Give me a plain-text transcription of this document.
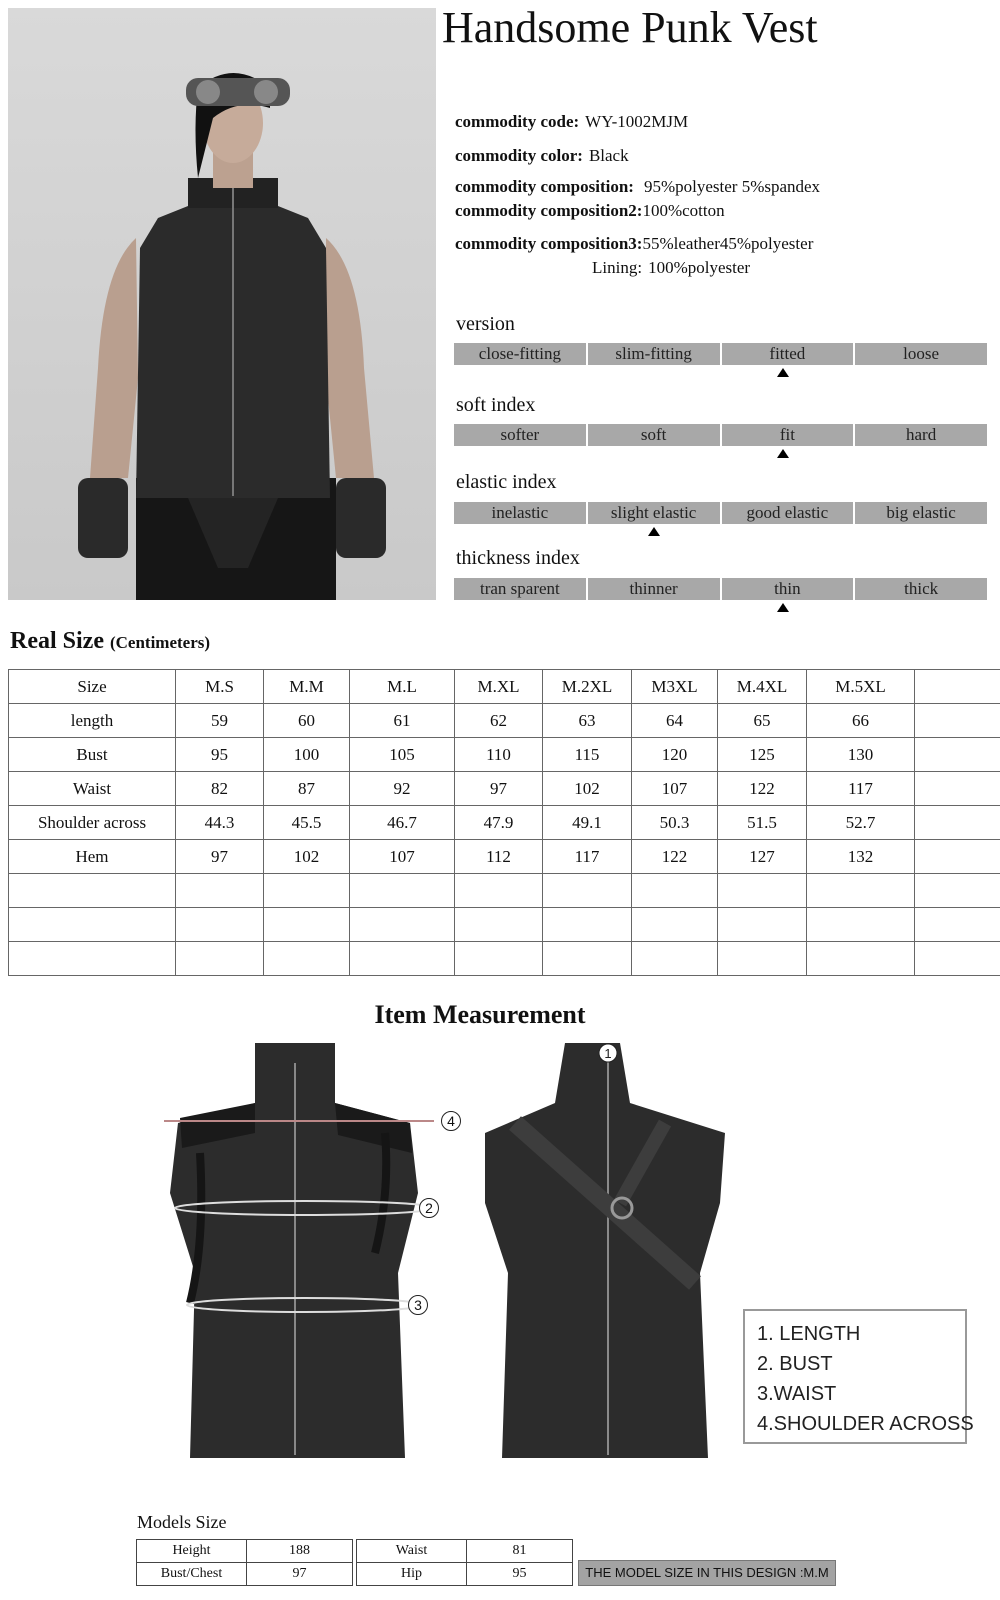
Handsome Punk Vest
commodity code: WY-1002MJM
commodity color: Black
commodity composition: 95%polyester 5%spandex
commodity composition2:100%cotton
commodity composition3:55%leather45%polyester
Lining: 100%polyester
version
close-fitting	slim-fitting	fitted	loose
soft index
softer	soft	fit	hard
elastic index
inelastic	slight elastic	good elastic	big elastic
thickness index
tran sparent	thinner	thin	thick
Real Size (Centimeters)
Size	M.S	M.M	M.L	M.XL	M.2XL	M3XL	M.4XL	M.5XL	
length	59	60	61	62	63	64	65	66	
Bust	95	100	105	110	115	120	125	130	
Waist	82	87	92	97	102	107	122	117	
Shoulder across	44.3	45.5	46.7	47.9	49.1	50.3	51.5	52.7	
Hem	97	102	107	112	117	122	127	132	

Item Measurement
4
2
3
1
1. LENGTH
2. BUST
3.WAIST
4.SHOULDER ACROSS
Models Size
Height	188
Bust/Chest	97
Waist	81
Hip	95	THE MODEL SIZE IN THIS DESIGN :M.M
